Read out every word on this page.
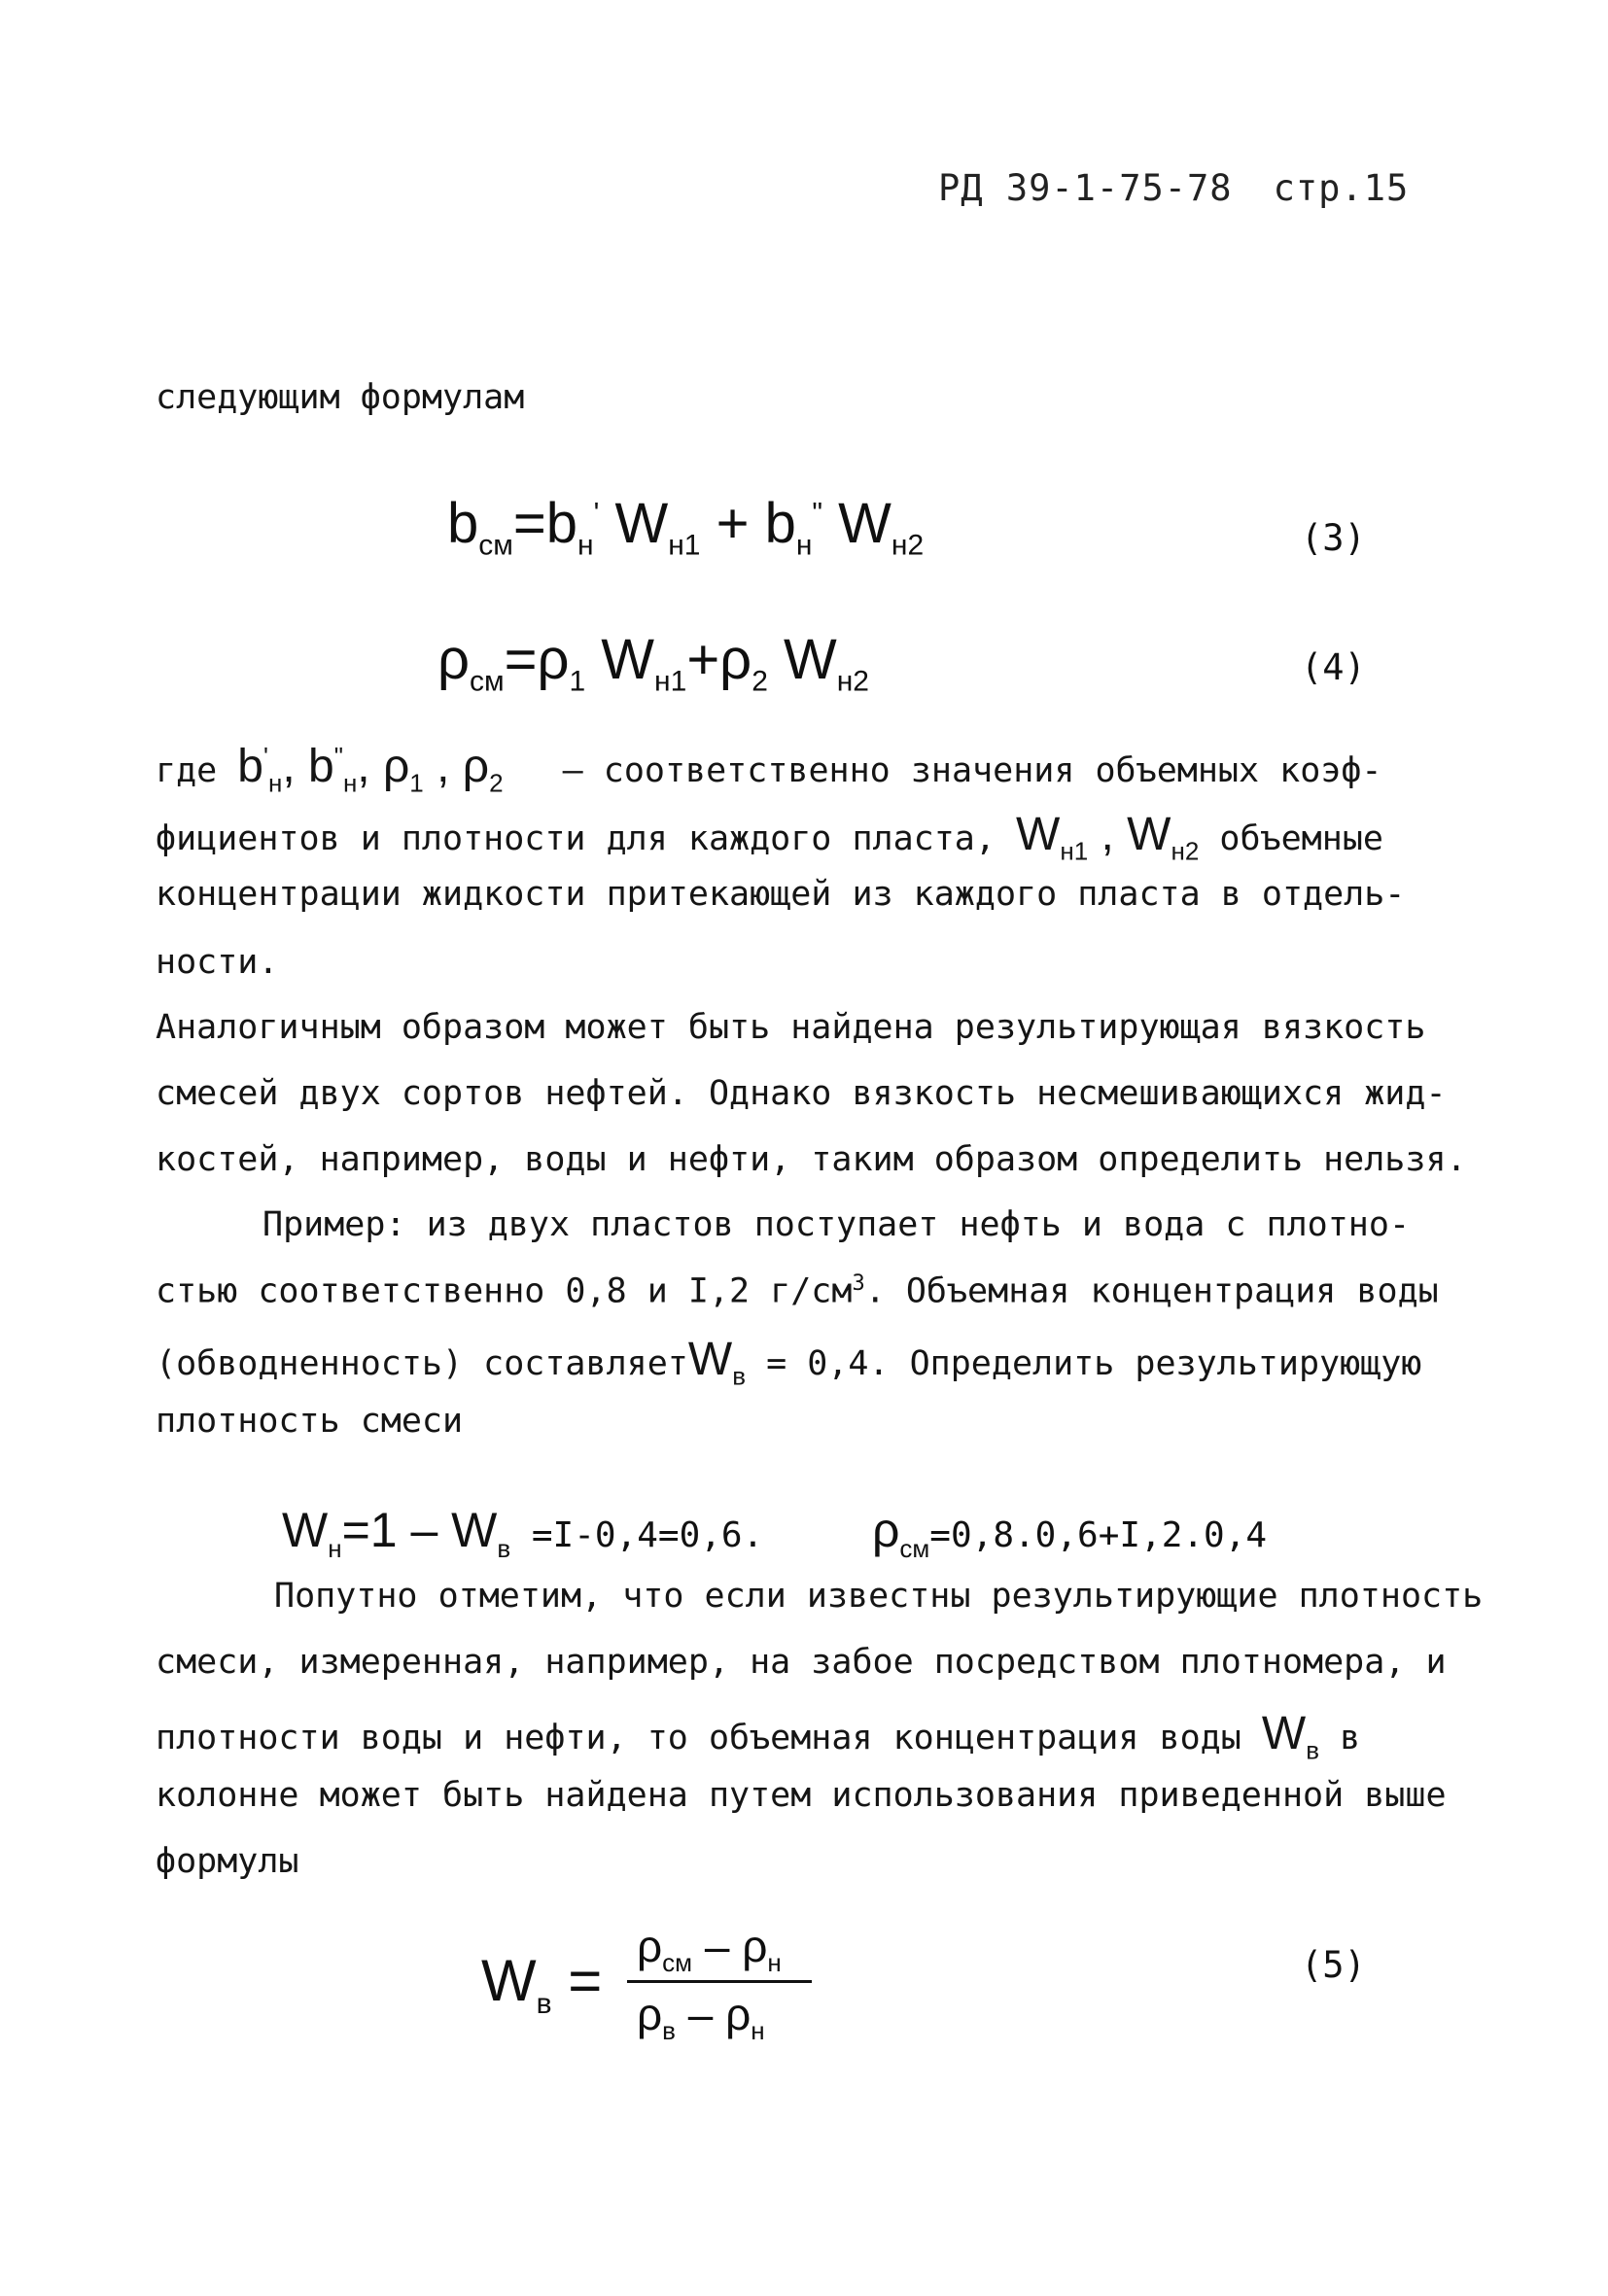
РД 39-1-75-78 стр.15
следующим формулам
$b_{см}=b_н'$ $W_{н1} + b_н^"$ $W_{н2}$	(3)
$\rho_{см}=\rho_1$ $W_{н1}+\rho_2$ $W_{н2}$	(4)
где $b'_н$, $b^"_н$, $\rho_1$ , $\rho_2$ – соответственно значения объемных коэф-
фициентов и плотности для каждого пласта, $W_{н1}$ , $W_{н2}$ объемные
концентрации жидкости притекающей из каждого пласта в отдель-
ности.
Аналогичным образом может быть найдена результирующая вязкость
смесей двух сортов нефтей. Однако вязкость несмешивающихся жид-
костей, например, воды и нефти, таким образом определить нельзя.
Пример: из двух пластов поступает нефть и вода с плотно-
стью соответственно 0,8 и I,2 $г/см^3$. Объемная концентрация воды
(обводненность) составляетW$_в$ = 0,4. Определить результирующую
плотность смеси
$W_н=1 - W_в =I-0,4=0,6$. $\rho_{см}=0,8.0,6+I,2.0,4$
Попутно отметим, что если известны результирующие плотность
смеси, измеренная, например, на забое посредством плотномера, и
плотности воды и нефти, то объемная концентрация воды $W_в$ в
колонне может быть найдена путем использования приведенной выше
формулы
$W_в$ =
$\rho_{см} - \rho_н$
$\rho_в - \rho_н$
(5)
